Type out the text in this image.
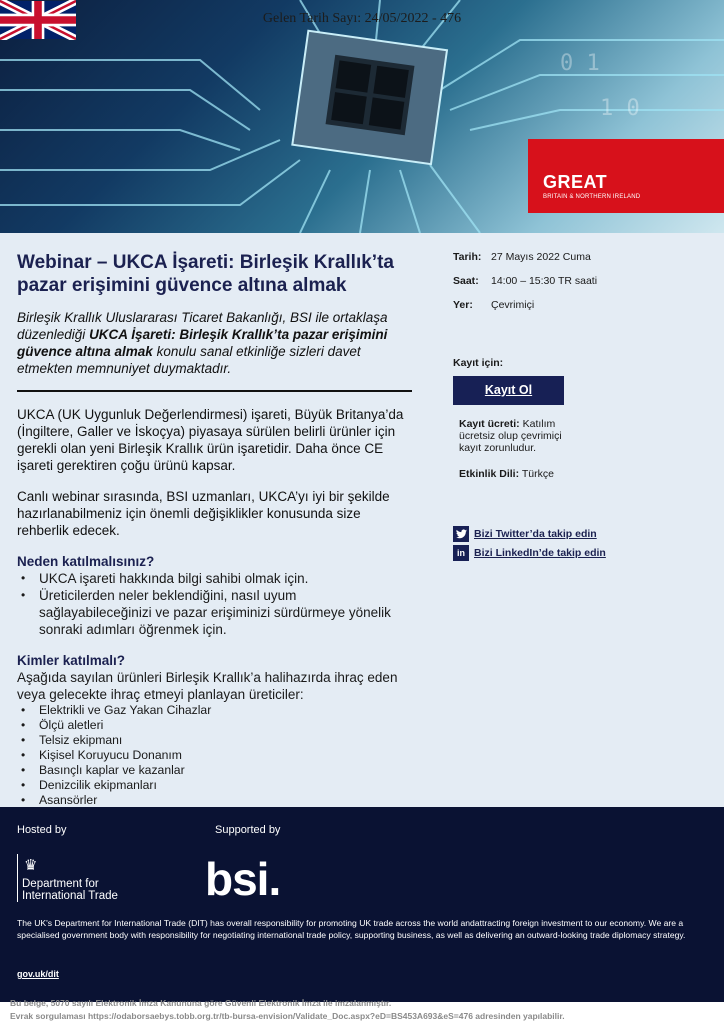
0 1
1 0
Gelen Tarih Sayı: 24/05/2022 - 476
GREAT
BRITAIN & NORTHERN IRELAND
Webinar – UKCA İşareti: Birleşik Krallık’ta pazar erişimini güvence altına almak
Birleşik Krallık Uluslararası Ticaret Bakanlığı, BSI ile ortaklaşa düzenlediği UKCA İşareti: Birleşik Krallık’ta pazar erişimini güvence altına almak konulu sanal etkinliğe sizleri davet etmekten memnuniyet duymaktadır.
UKCA (UK Uygunluk Değerlendirmesi) işareti, Büyük Britanya’da (İngiltere, Galler ve İskoçya) piyasaya sürülen belirli ürünler için gerekli olan yeni Birleşik Krallık ürün işaretidir. Daha önce CE işareti gerektiren çoğu ürünü kapsar.
Canlı webinar sırasında, BSI uzmanları, UKCA’yı iyi bir şekilde hazırlanabilmeniz için önemli değişiklikler konusunda size rehberlik edecek.
Neden katılmalısınız?
• UKCA işareti hakkında bilgi sahibi olmak için.
• Üreticilerden neler beklendiğini, nasıl uyum sağlayabileceğinizi ve pazar erişiminizi sürdürmeye yönelik sonraki adımları öğrenmek için.
Kimler katılmalı?
Aşağıda sayılan ürünleri Birleşik Krallık’a halihazırda ihraç eden veya gelecekte ihraç etmeyi planlayan üreticiler:
• Elektrikli ve Gaz Yakan Cihazlar
• Ölçü aletleri
• Telsiz ekipmanı
• Kişisel Koruyucu Donanım
• Basınçlı kaplar ve kazanlar
• Denizcilik ekipmanları
• Asansörler
•
Tarih: 27 Mayıs 2022 Cuma
Saat:	14:00 – 15:30 TR saati
Yer:	Çevrimiçi
Kayıt için:
Kayıt Ol
Kayıt ücreti: Katılım ücretsiz olup çevrimiçi kayıt zorunludur.
Etkinlik Dili: Türkçe
Bizi Twitter’da takip edin
in Bizi LinkedIn’de takip edin
Hosted by	Supported by
♛
Department for
International Trade bsi.
The UK's Department for International Trade (DIT) has overall responsibility for promoting UK trade across the world andattracting foreign investment to our economy. We are a specialised government body with responsibility for negotiating international trade policy, supporting business, as well as delivering an outward-looking trade diplomacy strategy.
gov.uk/dit
Bu belge, 5070 sayılı Elektronik İmza Kanununa göre Güvenli Elektronik İmza ile imzalanmıştır.
Evrak sorgulaması https://odaborsaebys.tobb.org.tr/tb-bursa-envision/Validate_Doc.aspx?eD=BS453A693&eS=476 adresinden yapılabilir.
